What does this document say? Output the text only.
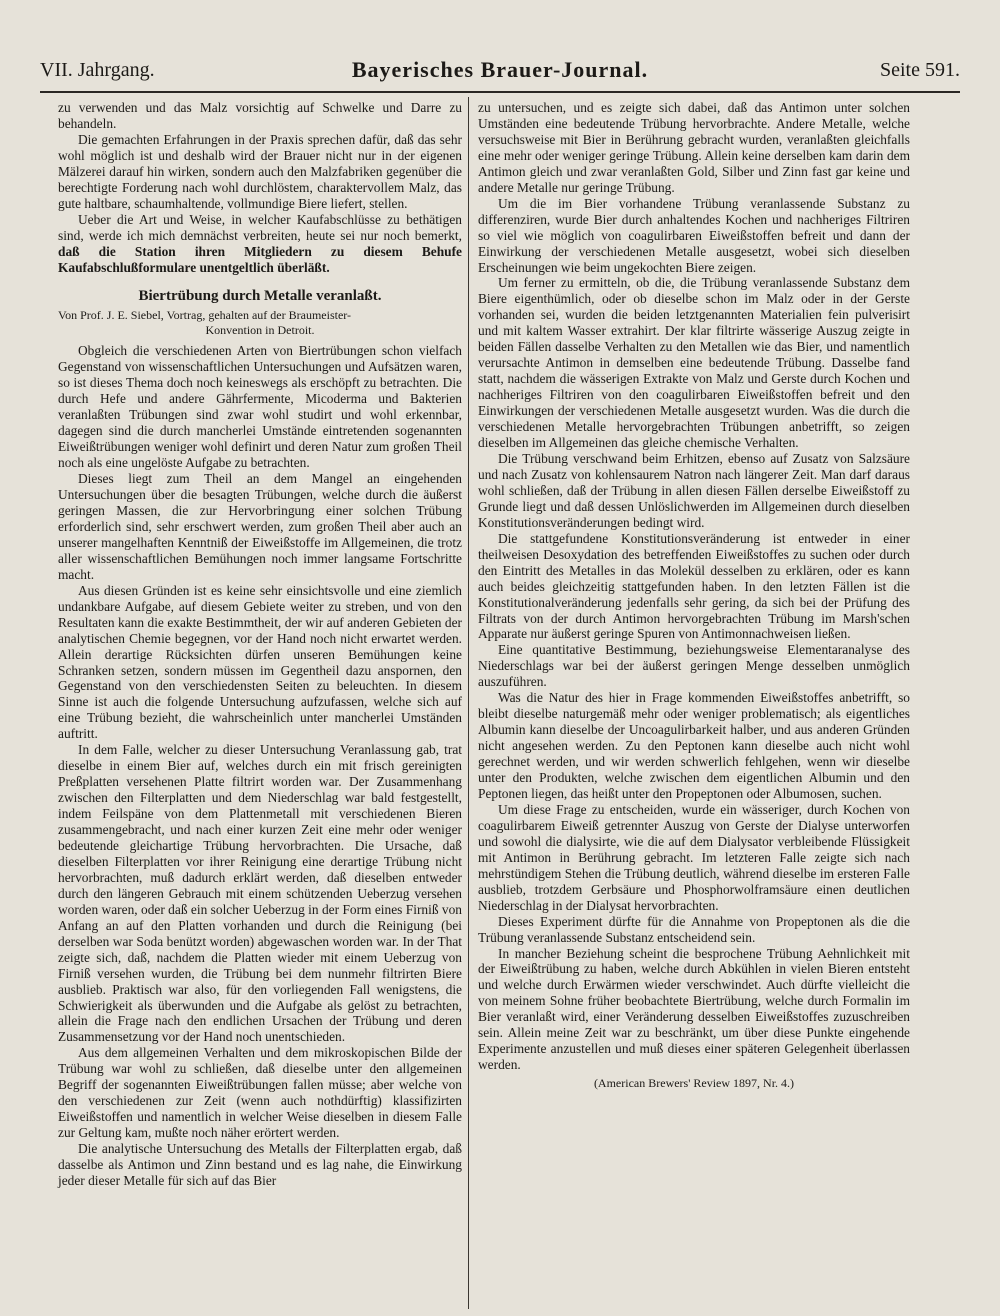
VII. Jahrgang.	Bayerisches Brauer-Journal.	Seite 591.

zu verwenden und das Malz vorsichtig auf Schwelke und Darre zu behandeln.

Die gemachten Erfahrungen in der Praxis sprechen dafür, daß das sehr wohl möglich ist und deshalb wird der Brauer nicht nur in der eigenen Mälzerei darauf hin wirken, sondern auch den Malzfabriken gegenüber die berechtigte Forderung nach wohl durchlöstem, charaktervollem Malz, das gute haltbare, schaumhaltende, vollmundige Biere liefert, stellen.

Ueber die Art und Weise, in welcher Kaufabschlüsse zu bethätigen sind, werde ich mich demnächst verbreiten, heute sei nur noch bemerkt, daß die Station ihren Mitgliedern zu diesem Behufe Kaufabschlußformulare unentgeltlich überläßt.

Biertrübung durch Metalle veranlaßt.
Von Prof. J. E. Siebel, Vortrag, gehalten auf der Braumeister-
Konvention in Detroit.

Obgleich die verschiedenen Arten von Biertrübungen schon vielfach Gegenstand von wissenschaftlichen Untersuchungen und Aufsätzen waren, so ist dieses Thema doch noch keineswegs als erschöpft zu betrachten. Die durch Hefe und andere Gährfermente, Micoderma und Bakterien veranlaßten Trübungen sind zwar wohl studirt und wohl erkennbar, dagegen sind die durch mancherlei Umstände eintretenden sogenannten Eiweißtrübungen weniger wohl definirt und deren Natur zum großen Theil noch als eine ungelöste Aufgabe zu betrachten.

Dieses liegt zum Theil an dem Mangel an eingehenden Untersuchungen über die besagten Trübungen, welche durch die äußerst geringen Massen, die zur Hervorbringung einer solchen Trübung erforderlich sind, sehr erschwert werden, zum großen Theil aber auch an unserer mangelhaften Kenntniß der Eiweißstoffe im Allgemeinen, die trotz aller wissenschaftlichen Bemühungen noch immer langsame Fortschritte macht.

Aus diesen Gründen ist es keine sehr einsichtsvolle und eine ziemlich undankbare Aufgabe, auf diesem Gebiete weiter zu streben, und von den Resultaten kann die exakte Bestimmtheit, der wir auf anderen Gebieten der analytischen Chemie begegnen, vor der Hand noch nicht erwartet werden. Allein derartige Rücksichten dürfen unseren Bemühungen keine Schranken setzen, sondern müssen im Gegentheil dazu anspornen, den Gegenstand von den verschiedensten Seiten zu beleuchten. In diesem Sinne ist auch die folgende Untersuchung aufzufassen, welche sich auf eine Trübung bezieht, die wahrscheinlich unter mancherlei Umständen auftritt.

In dem Falle, welcher zu dieser Untersuchung Veranlassung gab, trat dieselbe in einem Bier auf, welches durch ein mit frisch gereinigten Preßplatten versehenen Platte filtrirt worden war. Der Zusammenhang zwischen den Filterplatten und dem Niederschlag war bald festgestellt, indem Feilspäne von dem Plattenmetall mit verschiedenen Bieren zusammengebracht, und nach einer kurzen Zeit eine mehr oder weniger bedeutende gleichartige Trübung hervorbrachten. Die Ursache, daß dieselben Filterplatten vor ihrer Reinigung eine derartige Trübung nicht hervorbrachten, muß dadurch erklärt werden, daß dieselben entweder durch den längeren Gebrauch mit einem schützenden Ueberzug versehen worden waren, oder daß ein solcher Ueberzug in der Form eines Firniß von Anfang an auf den Platten vorhanden und durch die Reinigung (bei derselben war Soda benützt worden) abgewaschen worden war. In der That zeigte sich, daß, nachdem die Platten wieder mit einem Ueberzug von Firniß versehen wurden, die Trübung bei dem nunmehr filtrirten Biere ausblieb. Praktisch war also, für den vorliegenden Fall wenigstens, die Schwierigkeit als überwunden und die Aufgabe als gelöst zu betrachten, allein die Frage nach den endlichen Ursachen der Trübung und deren Zusammensetzung vor der Hand noch unentschieden.

Aus dem allgemeinen Verhalten und dem mikroskopischen Bilde der Trübung war wohl zu schließen, daß dieselbe unter den allgemeinen Begriff der sogenannten Eiweißtrübungen fallen müsse; aber welche von den verschiedenen zur Zeit (wenn auch nothdürftig) klassifizirten Eiweißstoffen und namentlich in welcher Weise dieselben in diesem Falle zur Geltung kam, mußte noch näher erörtert werden.

Die analytische Untersuchung des Metalls der Filterplatten ergab, daß dasselbe als Antimon und Zinn bestand und es lag nahe, die Einwirkung jeder dieser Metalle für sich auf das Bier

zu untersuchen, und es zeigte sich dabei, daß das Antimon unter solchen Umständen eine bedeutende Trübung hervorbrachte. Andere Metalle, welche versuchsweise mit Bier in Berührung gebracht wurden, veranlaßten gleichfalls eine mehr oder weniger geringe Trübung. Allein keine derselben kam darin dem Antimon gleich und zwar veranlaßten Gold, Silber und Zinn fast gar keine und andere Metalle nur geringe Trübung.

Um die im Bier vorhandene Trübung veranlassende Substanz zu differenziren, wurde Bier durch anhaltendes Kochen und nachheriges Filtriren so viel wie möglich von coagulirbaren Eiweißstoffen befreit und dann der Einwirkung der verschiedenen Metalle ausgesetzt, wobei sich dieselben Erscheinungen wie beim ungekochten Biere zeigen.

Um ferner zu ermitteln, ob die, die Trübung veranlassende Substanz dem Biere eigenthümlich, oder ob dieselbe schon im Malz oder in der Gerste vorhanden sei, wurden die beiden letztgenannten Materialien fein pulverisirt und mit kaltem Wasser extrahirt. Der klar filtrirte wässerige Auszug zeigte in beiden Fällen dasselbe Verhalten zu den Metallen wie das Bier, und namentlich verursachte Antimon in demselben eine bedeutende Trübung. Dasselbe fand statt, nachdem die wässerigen Extrakte von Malz und Gerste durch Kochen und nachheriges Filtriren von den coagulirbaren Eiweißstoffen befreit und den Einwirkungen der verschiedenen Metalle ausgesetzt wurden. Was die durch die verschiedenen Metalle hervorgebrachten Trübungen anbetrifft, so zeigen dieselben im Allgemeinen das gleiche chemische Verhalten.

Die Trübung verschwand beim Erhitzen, ebenso auf Zusatz von Salzsäure und nach Zusatz von kohlensaurem Natron nach längerer Zeit. Man darf daraus wohl schließen, daß der Trübung in allen diesen Fällen derselbe Eiweißstoff zu Grunde liegt und daß dessen Unlöslichwerden im Allgemeinen durch dieselben Konstitutionsveränderungen bedingt wird.

Die stattgefundene Konstitutionsveränderung ist entweder in einer theilweisen Desoxydation des betreffenden Eiweißstoffes zu suchen oder durch den Eintritt des Metalles in das Molekül desselben zu erklären, oder es kann auch beides gleichzeitig stattgefunden haben. In den letzten Fällen ist die Konstitutionalveränderung jedenfalls sehr gering, da sich bei der Prüfung des Filtrats von der durch Antimon hervorgebrachten Trübung im Marsh'schen Apparate nur äußerst geringe Spuren von Antimonnachweisen ließen.

Eine quantitative Bestimmung, beziehungsweise Elementaranalyse des Niederschlags war bei der äußerst geringen Menge desselben unmöglich auszuführen.

Was die Natur des hier in Frage kommenden Eiweißstoffes anbetrifft, so bleibt dieselbe naturgemäß mehr oder weniger problematisch; als eigentliches Albumin kann dieselbe der Uncoagulirbarkeit halber, und aus anderen Gründen nicht angesehen werden. Zu den Peptonen kann dieselbe auch nicht wohl gerechnet werden, und wir werden schwerlich fehlgehen, wenn wir dieselbe unter den Produkten, welche zwischen dem eigentlichen Albumin und den Peptonen liegen, das heißt unter den Propeptonen oder Albumosen, suchen.

Um diese Frage zu entscheiden, wurde ein wässeriger, durch Kochen von coagulirbarem Eiweiß getrennter Auszug von Gerste der Dialyse unterworfen und sowohl die dialysirte, wie die auf dem Dialysator verbleibende Flüssigkeit mit Antimon in Berührung gebracht. Im letzteren Falle zeigte sich nach mehrstündigem Stehen die Trübung deutlich, während dieselbe im ersteren Falle ausblieb, trotzdem Gerbsäure und Phosphorwolframsäure einen deutlichen Niederschlag in der Dialysat hervorbrachten.

Dieses Experiment dürfte für die Annahme von Propeptonen als die die Trübung veranlassende Substanz entscheidend sein.

In mancher Beziehung scheint die besprochene Trübung Aehnlichkeit mit der Eiweißtrübung zu haben, welche durch Abkühlen in vielen Bieren entsteht und welche durch Erwärmen wieder verschwindet. Auch dürfte vielleicht die von meinem Sohne früher beobachtete Biertrübung, welche durch Formalin im Bier veranlaßt wird, einer Veränderung desselben Eiweißstoffes zuzuschreiben sein. Allein meine Zeit war zu beschränkt, um über diese Punkte eingehende Experimente anzustellen und muß dieses einer späteren Gelegenheit überlassen werden.

(American Brewers' Review 1897, Nr. 4.)
